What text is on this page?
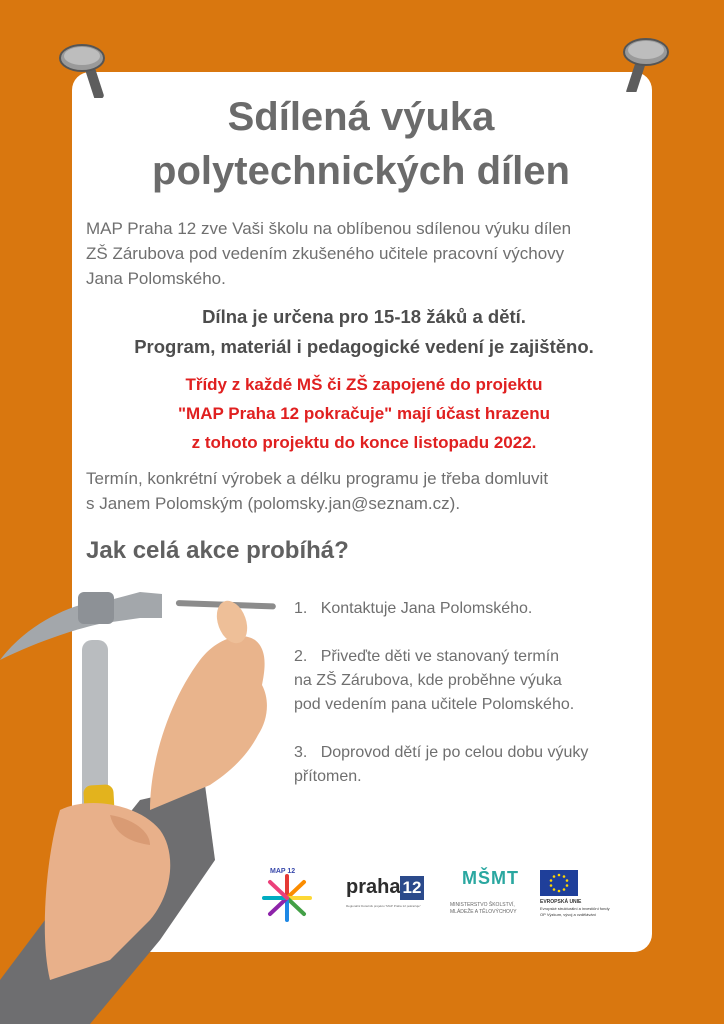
Sdílená výuka
polytechnických dílen

MAP Praha 12 zve Vaši školu na oblíbenou sdílenou výuku dílen
ZŠ Zárubova pod vedením zkušeného učitele pracovní výchovy
Jana Polomského.

Dílna je určena pro 15-18 žáků a dětí.
Program, materiál i pedagogické vedení je zajištěno.

Třídy z každé MŠ či ZŠ zapojené do projektu
"MAP Praha 12 pokračuje" mají účast hrazenu
z tohoto projektu do konce listopadu 2022.

Termín, konkrétní výrobek a délku programu je třeba domluvit
s Janem Polomským (polomsky.jan@seznam.cz).

Jak celá akce probíhá?
1. Kontaktuje Jana Polomského.
2. Přiveďte děti ve stanovaný termín
na ZŠ Zárubova, kde proběhne výuka
pod vedením pana učitele Polomského.
3. Doprovod dětí je po celou dobu výuky
přítomen.
MAP 12
praha 12
Regionální Dotazník projektu "MAP Praha 12 pokračuje"
MŠMT
MINISTERSTVO ŠKOLSTVÍ,
MLÁDEŽE A TĚLOVÝCHOVY
EVROPSKÁ UNIE
Evropské strukturální a investiční fondy
OP Výzkum, vývoj a vzdělávání
